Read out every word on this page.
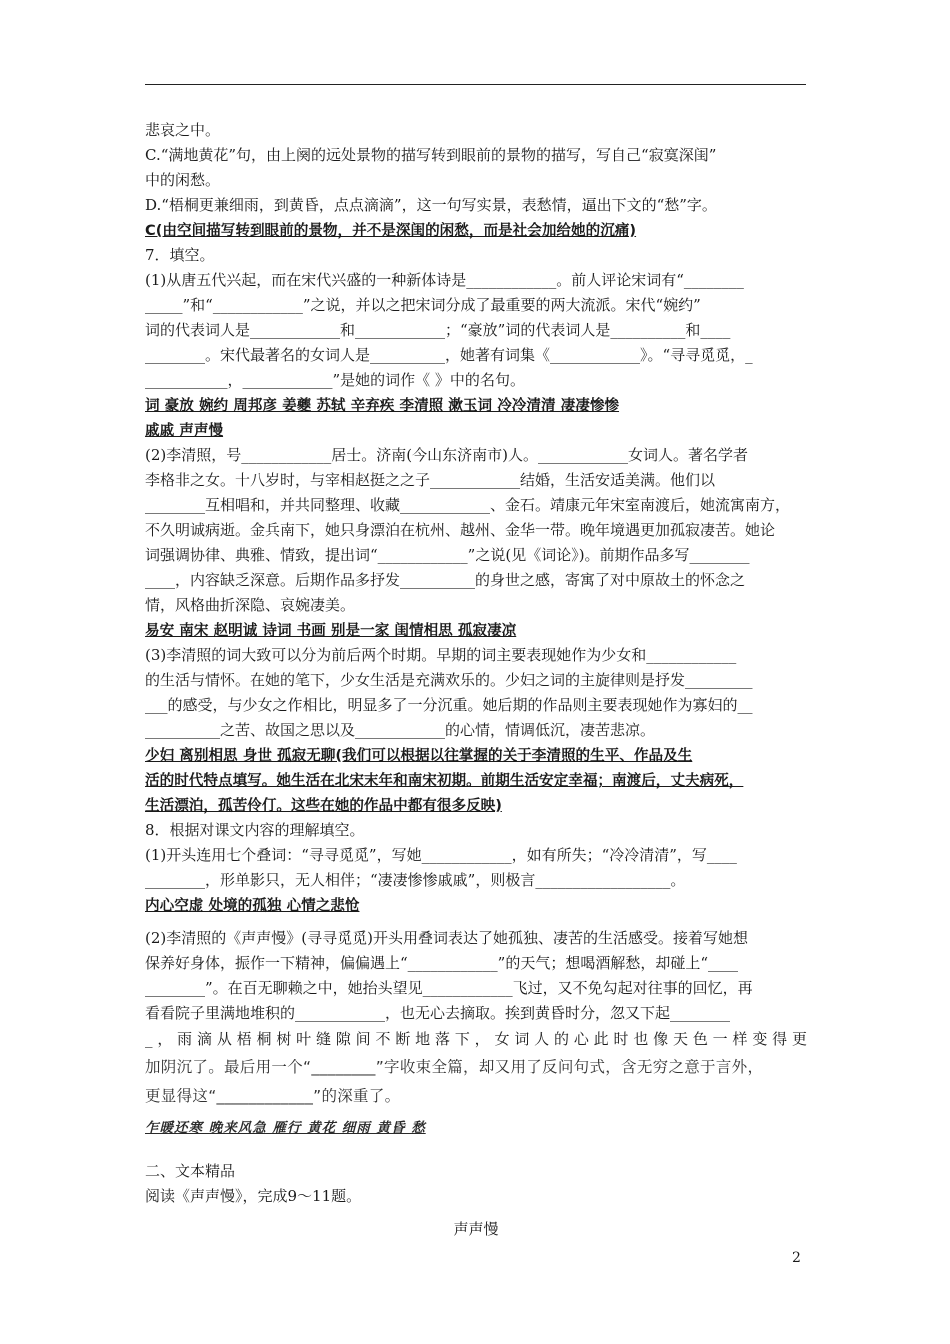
悲哀之中。
C.“满地黄花”句，由上阕的远处景物的描写转到眼前的景物的描写，写自己“寂寞深闺”
中的闲愁。
D.“梧桐更兼细雨，到黄昏，点点滴滴”，这一句写实景，表愁情，逼出下文的“愁”字。
C(由空间描写转到眼前的景物，并不是深闺的闲愁，而是社会加给她的沉痛)
7．填空。
(1)从唐五代兴起，而在宋代兴盛的一种新体诗是____________。前人评论宋词有“________
_____”和“____________”之说，并以之把宋词分成了最重要的两大流派。宋代“婉约”
词的代表词人是____________和____________；“豪放”词的代表词人是__________和____
________。宋代最著名的女词人是__________，她著有词集《____________》。“寻寻觅觅，_
___________，____________”是她的词作《 》中的名句。
词 豪放 婉约 周邦彦 姜夔 苏轼 辛弃疾 李清照 漱玉词 冷冷清清 凄凄惨惨
戚戚 声声慢
(2)李清照，号____________居士。济南(今山东济南市)人。____________女词人。著名学者
李格非之女。十八岁时，与宰相赵挺之之子____________结婚，生活安适美满。他们以
________互相唱和，并共同整理、收藏____________、金石。靖康元年宋室南渡后，她流寓南方，
不久明诚病逝。金兵南下，她只身漂泊在杭州、越州、金华一带。晚年境遇更加孤寂凄苦。她论
词强调协律、典雅、情致，提出词“____________”之说(见《词论》)。前期作品多写________
____，内容缺乏深意。后期作品多抒发__________的身世之感，寄寓了对中原故土的怀念之
情，风格曲折深隐、哀婉凄美。
易安 南宋 赵明诚 诗词 书画 别是一家 闺情相思 孤寂凄凉
(3)李清照的词大致可以分为前后两个时期。早期的词主要表现她作为少女和____________
的生活与情怀。在她的笔下，少女生活是充满欢乐的。少妇之词的主旋律则是抒发_________
___的感受，与少女之作相比，明显多了一分沉重。她后期的作品则主要表现她作为寡妇的__
__________之苦、故国之思以及____________的心情，情调低沉，凄苦悲凉。
少妇 离别相思 身世 孤寂无聊(我们可以根据以往掌握的关于李清照的生平、作品及生
活的时代特点填写。她生活在北宋末年和南宋初期。前期生活安定幸福；南渡后，丈夫病死，
生活漂泊，孤苦伶仃。这些在她的作品中都有很多反映)
8．根据对课文内容的理解填空。
(1)开头连用七个叠词：“寻寻觅觅”，写她____________，如有所失；“冷冷清清”，写____
________，形单影只，无人相伴；“凄凄惨惨戚戚”，则极言__________________。
内心空虚 处境的孤独 心情之悲怆
(2)李清照的《声声慢》(寻寻觅觅)开头用叠词表达了她孤独、凄苦的生活感受。接着写她想
保养好身体，振作一下精神，偏偏遇上“____________”的天气；想喝酒解愁，却碰上“____
________”。在百无聊赖之中，她抬头望见____________飞过，又不免勾起对往事的回忆，再
看看院子里满地堆积的____________，也无心去摘取。挨到黄昏时分，忽又下起________
_，雨滴从梧桐树叶缝隙间不断地落下，女词人的心此时也像天色一样变得更
加阴沉了。最后用一个“________”字收束全篇，却又用了反问句式，含无穷之意于言外，
更显得这“____________”的深重了。
乍暖还寒 晚来风急 雁行 黄花 细雨 黄昏 愁
二、文本精品
阅读《声声慢》，完成9～11题。
声声慢
2
